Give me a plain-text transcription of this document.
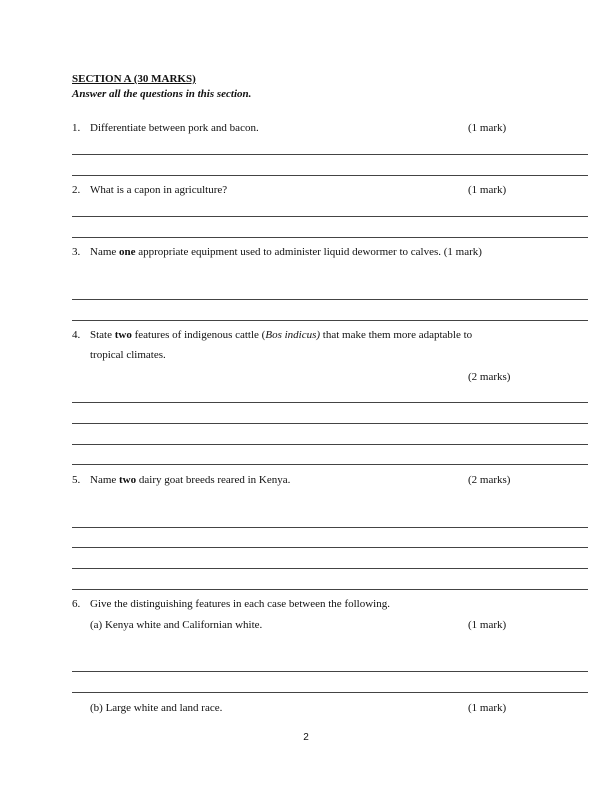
SECTION A (30 MARKS)
Answer all the questions in this section.
1. Differentiate between pork and bacon.	(1 mark)
2. What is a capon in agriculture?	(1 mark)
3. Name one appropriate equipment used to administer liquid dewormer to calves. (1 mark)
4. State two features of indigenous cattle (Bos indicus) that make them more adaptable to
tropical climates.
(2 marks)
5. Name two dairy goat breeds reared in Kenya.	(2 marks)
6. Give the distinguishing features in each case between the following.
(a) Kenya white and Californian white.	(1 mark)
(b) Large white and land race.	(1 mark)
2
